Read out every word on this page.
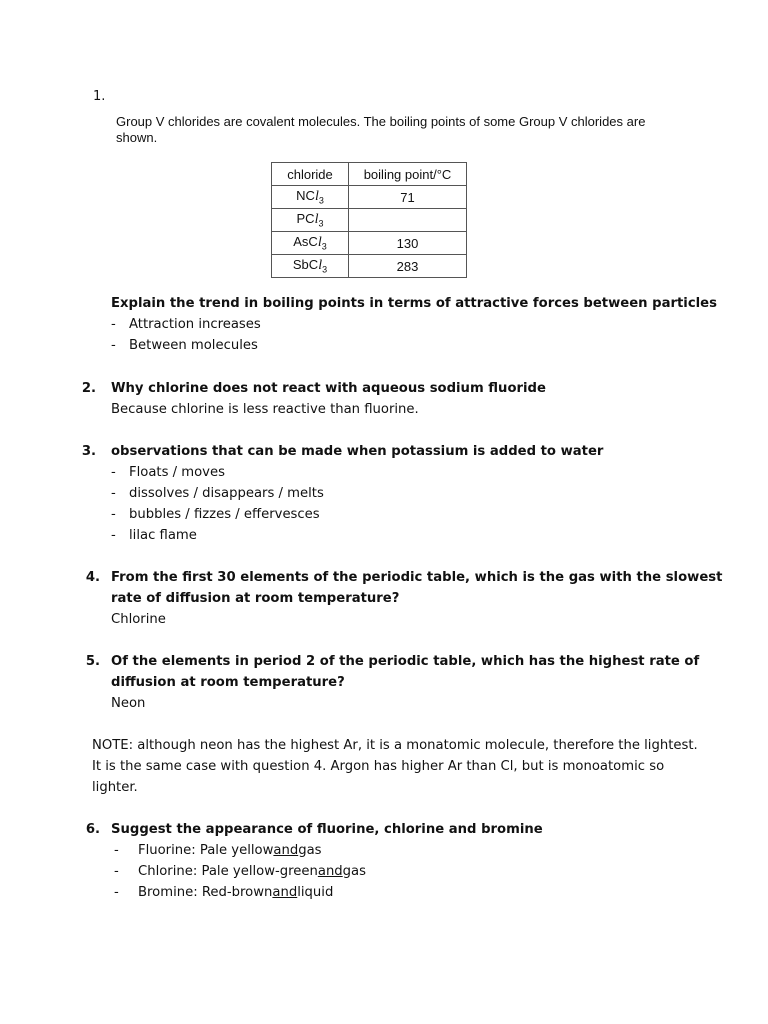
1.
Group V chlorides are covalent molecules. The boiling points of some Group V chlorides are
shown.
chloride	boiling point/°C
NCl$_3$	71
PCl$_3$	
AsCl$_3$	130
SbCl$_3$	283
Explain the trend in boiling points in terms of attractive forces between particles
-	Attraction increases
-	Between molecules
2. Why chlorine does not react with aqueous sodium fluoride
Because chlorine is less reactive than fluorine.
3. observations that can be made when potassium is added to water
-	Floats / moves
-	dissolves / disappears / melts
-	bubbles / fizzes / effervesces
-	lilac flame
4. From the first 30 elements of the periodic table, which is the gas with the slowest
rate of diffusion at room temperature?
Chlorine
5. Of the elements in period 2 of the periodic table, which has the highest rate of
diffusion at room temperature?
Neon
NOTE: although neon has the highest Ar, it is a monatomic molecule, therefore the lightest.
It is the same case with question 4. Argon has higher Ar than Cl, but is monoatomic so
lighter.
6. Suggest the appearance of fluorine, chlorine and bromine
-	Fluorine: Pale yellow and gas
-	Chlorine: Pale yellow-green and gas
-	Bromine: Red-brown and liquid
